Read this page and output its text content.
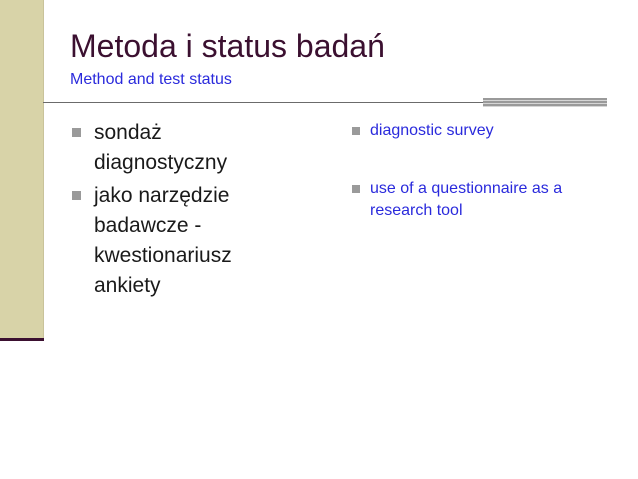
Metoda i status badań

Method and test status

sondaż diagnostyczny
jako narzędzie badawcze - kwestionariusz ankiety
diagnostic survey
use of a questionnaire as a research tool
